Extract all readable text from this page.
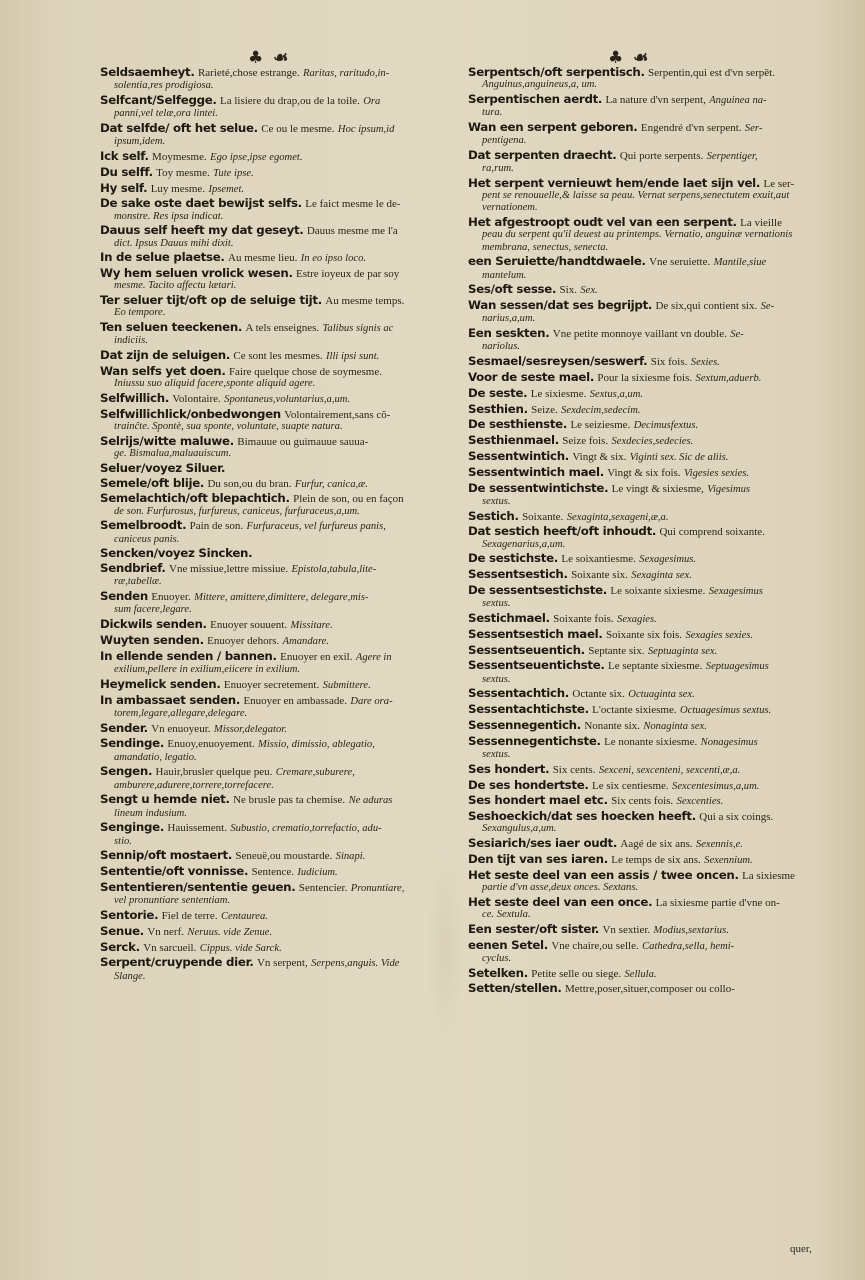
♣ ☙	♣ ☙
Seldsaemheyt. Rarieté,chose estrange. Raritas, raritudo,in-
solentia,res prodigiosa.
Selfcant/Selfegge. La lisiere du drap,ou de la toile. Ora
panni,vel telæ,ora lintei.
Dat selfde/ oft het selue. Ce ou le mesme. Hoc ipsum,id
ipsum,idem.
Ick self. Moymesme. Ego ipse,ipse egomet.
Du selff. Toy mesme. Tute ipse.
Hy self. Luy mesme. Ipsemet.
De sake oste daet bewijst selfs. Le faict mesme le de-
monstre. Res ipsa indicat.
Dauus self heeft my dat geseyt. Dauus mesme me l'a
dict. Ipsus Dauus mihi dixit.
In de selue plaetse. Au mesme lieu. In eo ipso loco.
Wy hem seluen vrolick wesen. Estre ioyeux de par soy
mesme. Tacito affectu lætari.
Ter seluer tijt/oft op de seluige tijt. Au mesme temps.
Eo tempore.
Ten seluen teeckenen. A tels enseignes. Talibus signis ac
indiciis.
Dat zijn de seluigen. Ce sont les mesmes. Illi ipsi sunt.
Wan selfs yet doen. Faire quelque chose de soymesme.
Iniussu suo aliquid facere,sponte aliquid agere.
Selfwillich. Volontaire. Spontaneus,voluntarius,a,um.
Selfwillichlick/onbedwongen Volontairement,sans cõ-
trainĉte. Spontè, sua sponte, voluntate, suapte natura.
Selrijs/witte maluwe. Bimauue ou guimauue sauua-
ge. Bismalua,maluauiscum.
Seluer/voyez Siluer.
Semele/oft blije. Du son,ou du bran. Furfur, canica,æ.
Semelachtich/oft blepachtich. Plein de son, ou en façon
de son. Furfurosus, furfureus, caniceus, furfuraceus,a,um.
Semelbroodt. Pain de son. Furfuraceus, vel furfureus panis,
caniceus panis.
Sencken/voyez Sincken.
Sendbrief. Vne missiue,lettre missiue. Epistola,tabula,lite-
ræ,tabellæ.
Senden Enuoyer. Mittere, amittere,dimittere, delegare,mis-
sum facere,legare.
Dickwils senden. Enuoyer souuent. Missitare.
Wuyten senden. Enuoyer dehors. Amandare.
In ellende senden / bannen. Enuoyer en exil. Agere in
exilium,pellere in exilium,eiicere in exilium.
Heymelick senden. Enuoyer secretement. Submittere.
In ambassaet senden. Enuoyer en ambassade. Dare ora-
torem,legare,allegare,delegare.
Sender. Vn enuoyeur. Missor,delegator.
Sendinge. Enuoy,enuoyement. Missio, dimissio, ablegatio,
amandatio, legatio.
Sengen. Hauir,brusler quelque peu. Cremare,suburere,
amburere,adurere,torrere,torrefacere.
Sengt u hemde niet. Ne brusle pas ta chemise. Ne aduras
lineum indusium.
Senginge. Hauissement. Subustio, crematio,torrefactio, adu-
stio.
Sennip/oft mostaert. Seneuë,ou moustarde. Sinapi.
Sententie/oft vonnisse. Sentence. Iudicium.
Sententieren/sententie geuen. Sentencier. Pronuntiare,
vel pronuntiare sententiam.
Sentorie. Fiel de terre. Centaurea.
Senue. Vn nerf. Neruus. vide Zenue.
Serck. Vn sarcueil. Cippus. vide Sarck.
Serpent/cruypende dier. Vn serpent, Serpens,anguis. Vide
Slange.
Serpentsch/oft serpentisch. Serpentin,qui est d'vn serpēt.
Anguinus,anguineus,a, um.
Serpentischen aerdt. La nature d'vn serpent, Anguinea na-
tura.
Wan een serpent geboren. Engendré d'vn serpent. Ser-
pentigena.
Dat serpenten draecht. Qui porte serpents. Serpentiger,
ra,rum.
Het serpent vernieuwt hem/ende laet sijn vel. Le ser-
pent se renouuelle,& laisse sa peau. Vernat serpens,senectutem exuit,aut vernationem.
Het afgestroopt oudt vel van een serpent. La vieille
peau du serpent qu'il deuest au printemps. Vernatio, anguinæ vernationis membrana, senectus, senecta.
een Seruiette/handtdwaele. Vne seruiette. Mantile,siue
mantelum.
Ses/oft sesse. Six. Sex.
Wan sessen/dat ses begrijpt. De six,qui contient six. Se-
narius,a,um.
Een seskten. Vne petite monnoye vaillant vn double. Se-
nariolus.
Sesmael/sesreysen/seswerf. Six fois. Sexies.
Voor de seste mael. Pour la sixiesme fois. Sextum,aduerb.
De seste. Le sixiesme. Sextus,a,um.
Sesthien. Seize. Sexdecim,sedecim.
De sesthienste. Le seiziesme. Decimusfextus.
Sesthienmael. Seize fois. Sexdecies,sedecies.
Sessentwintich. Vingt & six. Viginti sex. Sic de aliis.
Sessentwintich mael. Vingt & six fois. Vigesies sexies.
De sessentwintichste. Le vingt & sixiesme, Vigesimus
sextus.
Sestich. Soixante. Sexaginta,sexageni,æ,a.
Dat sestich heeft/oft inhoudt. Qui comprend soixante.
Sexagenarius,a,um.
De sestichste. Le soixantiesme. Sexagesimus.
Sessentsestich. Soixante six. Sexaginta sex.
De sessentsestichste. Le soixante sixiesme. Sexagesimus
sextus.
Sestichmael. Soixante fois. Sexagies.
Sessentsestich mael. Soixante six fois. Sexagies sexies.
Sessentseuentich. Septante six. Septuaginta sex.
Sessentseuentichste. Le septante sixiesme. Septuagesimus
sextus.
Sessentachtich. Octante six. Octuaginta sex.
Sessentachtichste. L'octante sixiesme. Octuagesimus sextus.
Sessennegentich. Nonante six. Nonaginta sex.
Sessennegentichste. Le nonante sixiesme. Nonagesimus
sextus.
Ses hondert. Six cents. Sexceni, sexcenteni, sexcenti,æ,a.
De ses hondertste. Le six centiesme. Sexcentesimus,a,um.
Ses hondert mael etc. Six cents fois. Sexcenties.
Seshoeckich/dat ses hoecken heeft. Qui a six coings.
Sexangulus,a,um.
Sesiarich/ses iaer oudt. Aagé de six ans. Sexennis,e.
Den tijt van ses iaren. Le temps de six ans. Sexennium.
Het seste deel van een assis / twee oncen. La sixiesme
partie d'vn asse,deux onces. Sextans.
Het seste deel van een once. La sixiesme partie d'vne on-
ce. Sextula.
Een sester/oft sister. Vn sextier. Modius,sextarius.
eenen Setel. Vne chaire,ou selle. Cathedra,sella, hemi-
cyclus.
Setelken. Petite selle ou siege. Sellula.
Setten/stellen. Mettre,poser,situer,composer ou collo-
quer,
